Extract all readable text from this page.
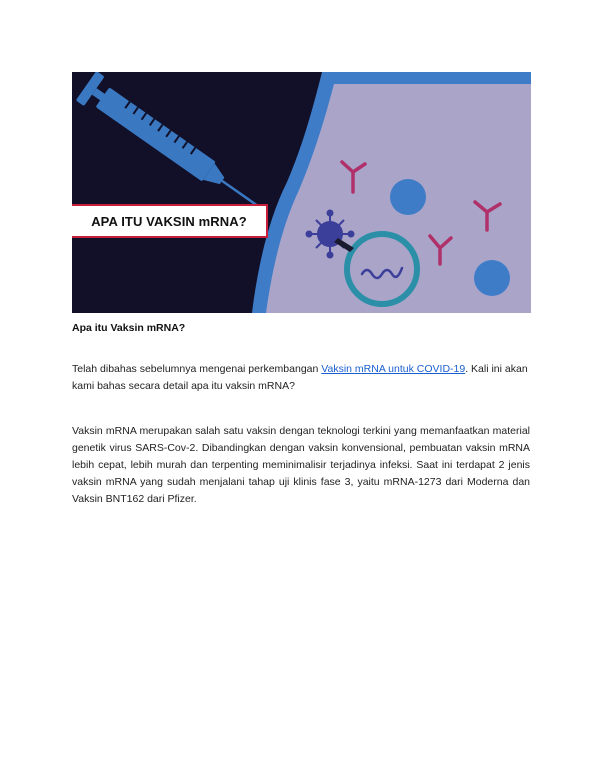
APA ITU VAKSIN mRNA?
Apa itu Vaksin mRNA?

Telah dibahas sebelumnya mengenai perkembangan Vaksin mRNA untuk COVID-19. Kali ini akan kami bahas secara detail apa itu vaksin mRNA?

Vaksin mRNA merupakan salah satu vaksin dengan teknologi terkini yang memanfaatkan material genetik virus SARS-Cov-2. Dibandingkan dengan vaksin konvensional, pembuatan vaksin mRNA lebih cepat, lebih murah dan terpenting meminimalisir terjadinya infeksi. Saat ini terdapat 2 jenis vaksin mRNA yang sudah menjalani tahap uji klinis fase 3, yaitu mRNA-1273 dari Moderna dan Vaksin BNT162 dari Pfizer.
